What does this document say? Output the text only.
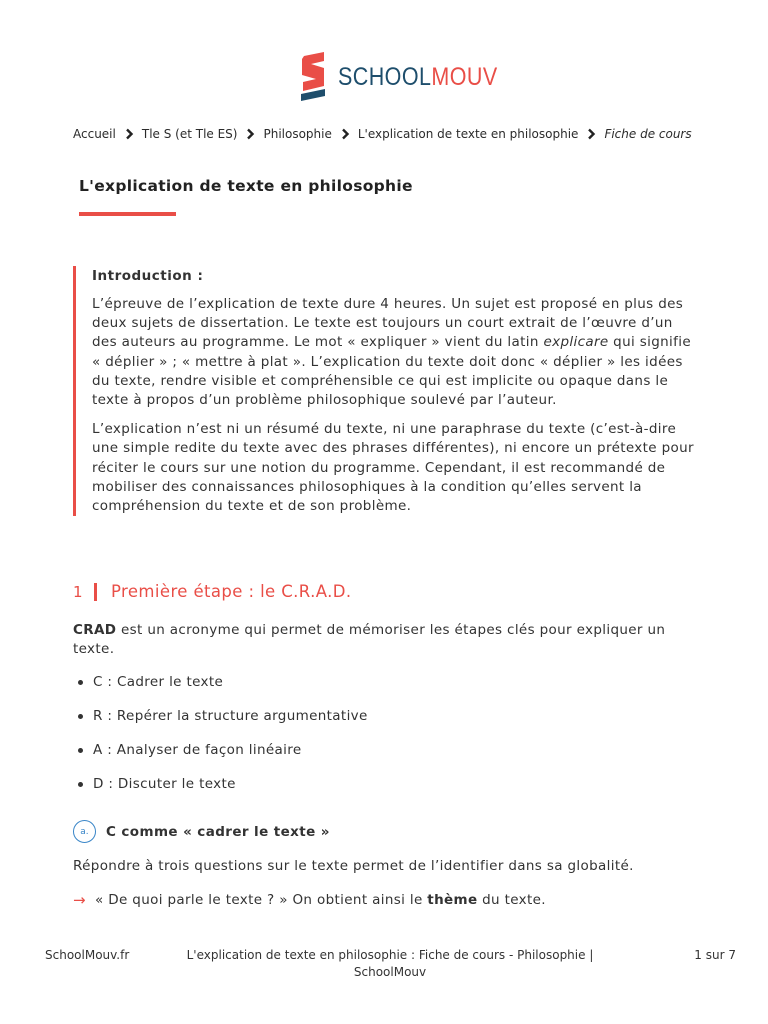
SCHOOLMOUV
Accueil Tle S (et Tle ES) Philosophie L'explication de texte en philosophie Fiche de cours
L'explication de texte en philosophie
Introduction :

L’épreuve de l’explication de texte dure 4 heures. Un sujet est proposé en plus des deux sujets de dissertation. Le texte est toujours un court extrait de l’œuvre d’un des auteurs au programme. Le mot « expliquer » vient du latin explicare qui signifie « déplier » ; « mettre à plat ». L’explication du texte doit donc « déplier » les idées du texte, rendre visible et compréhensible ce qui est implicite ou opaque dans le texte à propos d’un problème philosophique soulevé par l’auteur.

L’explication n’est ni un résumé du texte, ni une paraphrase du texte (c’est-à-dire une simple redite du texte avec des phrases différentes), ni encore un prétexte pour réciter le cours sur une notion du programme. Cependant, il est recommandé de mobiliser des connaissances philosophiques à la condition qu’elles servent la compréhension du texte et de son problème.

1	Première étape : le C.R.A.D.

CRAD est un acronyme qui permet de mémoriser les étapes clés pour expliquer un texte.

C : Cadrer le texte
R : Repérer la structure argumentative
A : Analyser de façon linéaire
D : Discuter le texte
a.	C comme « cadrer le texte »

Répondre à trois questions sur le texte permet de l’identifier dans sa globalité.

→ « De quoi parle le texte ? » On obtient ainsi le thème du texte.
SchoolMouv.fr	L'explication de texte en philosophie : Fiche de cours - Philosophie | SchoolMouv
1 sur 7
